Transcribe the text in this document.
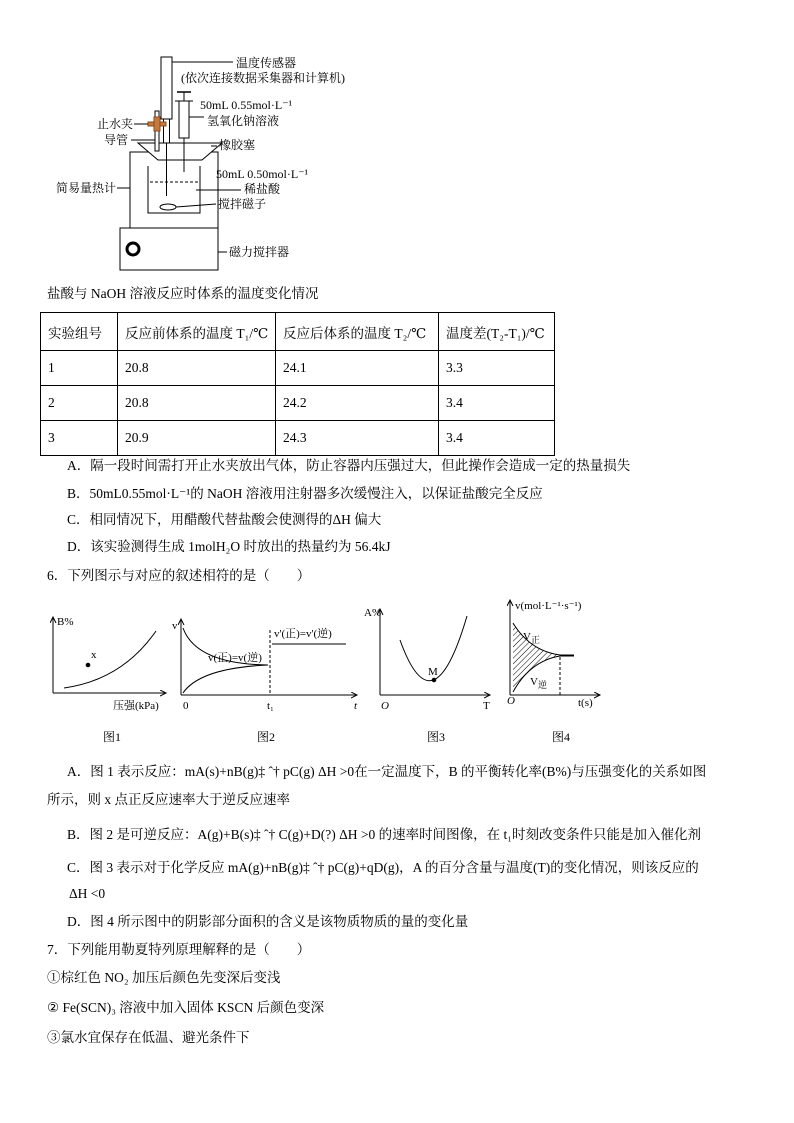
温度传感器
(依次连接数据采集器和计算机)
50mL 0.55mol·L⁻¹
氢氧化钠溶液
止水夹
导管	橡胶塞
50mL 0.50mol·L⁻¹
稀盐酸
简易量热计
搅拌磁子
磁力搅拌器
盐酸与 NaOH 溶液反应时体系的温度变化情况
实验组号	反应前体系的温度 T₁/℃	反应后体系的温度 T₂/℃	温度差(T₂-T₁)/℃
1	20.8	24.1	3.3
2	20.8	24.2	3.4
3	20.9	24.3	3.4
A．隔一段时间需打开止水夹放出气体，防止容器内压强过大，但此操作会造成一定的热量损失
B．50mL0.55mol·L⁻¹的 NaOH 溶液用注射器多次缓慢注入，以保证盐酸完全反应
C．相同情况下，用醋酸代替盐酸会使测得的ΔH 偏大
D．该实验测得生成 1molH₂O 时放出的热量约为 56.4kJ
6．下列图示与对应的叙述相符的是（　　）
B%
x
压强(kPa)
图1
v
v(正)=v(逆)
v'(正)=v'(逆)
0	t₁	t
图2
A%
M
O	T
图3
v(mol·L⁻¹·s⁻¹)
$V_正$
$V_逆$
O	t(s)
图4
A．图 1 表示反应：mA(s)+nB(g)‡ ˆ† pC(g) ΔH >0在一定温度下，B 的平衡转化率(B%)与压强变化的关系如图
所示，则 x 点正反应速率大于逆反应速率
B．图 2 是可逆反应：A(g)+B(s)‡ ˆ† C(g)+D(?) ΔH >0 的速率时间图像，在 t₁时刻改变条件只能是加入催化剂
C．图 3 表示对于化学反应 mA(g)+nB(g)‡ ˆ† pC(g)+qD(g)，A 的百分含量与温度(T)的变化情况，则该反应的
ΔH <0
D．图 4 所示图中的阴影部分面积的含义是该物质物质的量的变化量
7．下列能用勒夏特列原理解释的是（　　）
①棕红色 NO₂ 加压后颜色先变深后变浅
② Fe(SCN)₃ 溶液中加入固体 KSCN 后颜色变深
③氯水宜保存在低温、避光条件下
